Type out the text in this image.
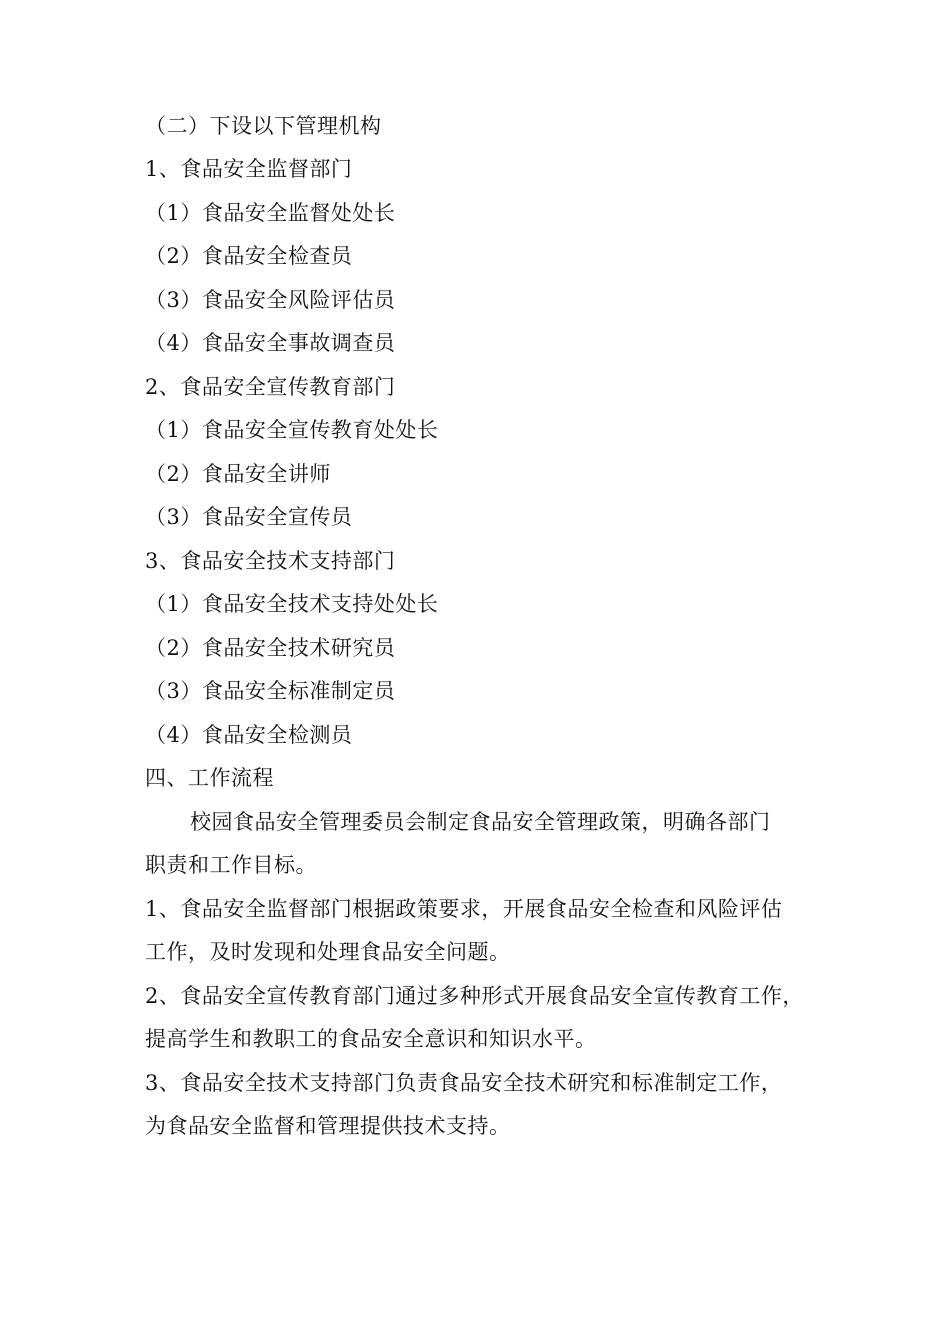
（二）下设以下管理机构
1、食品安全监督部门
（1）食品安全监督处处长
（2）食品安全检查员
（3）食品安全风险评估员
（4）食品安全事故调查员
2、食品安全宣传教育部门
（1）食品安全宣传教育处处长
（2）食品安全讲师
（3）食品安全宣传员
3、食品安全技术支持部门
（1）食品安全技术支持处处长
（2）食品安全技术研究员
（3）食品安全标准制定员
（4）食品安全检测员
四、工作流程
校园食品安全管理委员会制定食品安全管理政策，明确各部门
职责和工作目标。
1、食品安全监督部门根据政策要求，开展食品安全检查和风险评估
工作，及时发现和处理食品安全问题。
2、食品安全宣传教育部门通过多种形式开展食品安全宣传教育工作，
提高学生和教职工的食品安全意识和知识水平。
3、食品安全技术支持部门负责食品安全技术研究和标准制定工作，
为食品安全监督和管理提供技术支持。
